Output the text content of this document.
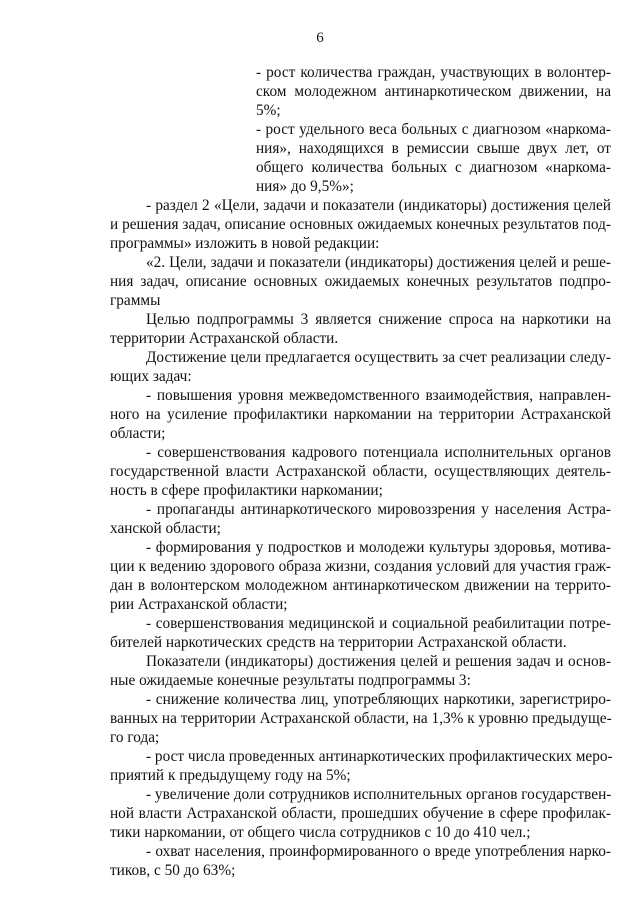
6
- рост количества граждан, участвующих в волонтер-
ском молодежном антинаркотическом движении, на
5%;
- рост удельного веса больных с диагнозом «наркома-
ния», находящихся в ремиссии свыше двух лет, от
общего количества больных с диагнозом «наркома-
ния» до 9,5%»;
- раздел 2 «Цели, задачи и показатели (индикаторы) достижения целей
и решения задач, описание основных ожидаемых конечных результатов под-
программы» изложить в новой редакции:
«2. Цели, задачи и показатели (индикаторы) достижения целей и реше-
ния задач, описание основных ожидаемых конечных результатов подпро-
граммы
Целью подпрограммы 3 является снижение спроса на наркотики на
территории Астраханской области.
Достижение цели предлагается осуществить за счет реализации следу-
ющих задач:
- повышения уровня межведомственного взаимодействия, направлен-
ного на усиление профилактики наркомании на территории Астраханской
области;
- совершенствования кадрового потенциала исполнительных органов
государственной власти Астраханской области, осуществляющих деятель-
ность в сфере профилактики наркомании;
- пропаганды антинаркотического мировоззрения у населения Астра-
ханской области;
- формирования у подростков и молодежи культуры здоровья, мотива-
ции к ведению здорового образа жизни, создания условий для участия граж-
дан в волонтерском молодежном антинаркотическом движении на террито-
рии Астраханской области;
- совершенствования медицинской и социальной реабилитации потре-
бителей наркотических средств на территории Астраханской области.
Показатели (индикаторы) достижения целей и решения задач и основ-
ные ожидаемые конечные результаты подпрограммы 3:
- снижение количества лиц, употребляющих наркотики, зарегистриро-
ванных на территории Астраханской области, на 1,3% к уровню предыдуще-
го года;
- рост числа проведенных антинаркотических профилактических меро-
приятий к предыдущему году на 5%;
- увеличение доли сотрудников исполнительных органов государствен-
ной власти Астраханской области, прошедших обучение в сфере профилак-
тики наркомании, от общего числа сотрудников с 10 до 410 чел.;
- охват населения, проинформированного о вреде употребления нарко-
тиков, с 50 до 63%;
